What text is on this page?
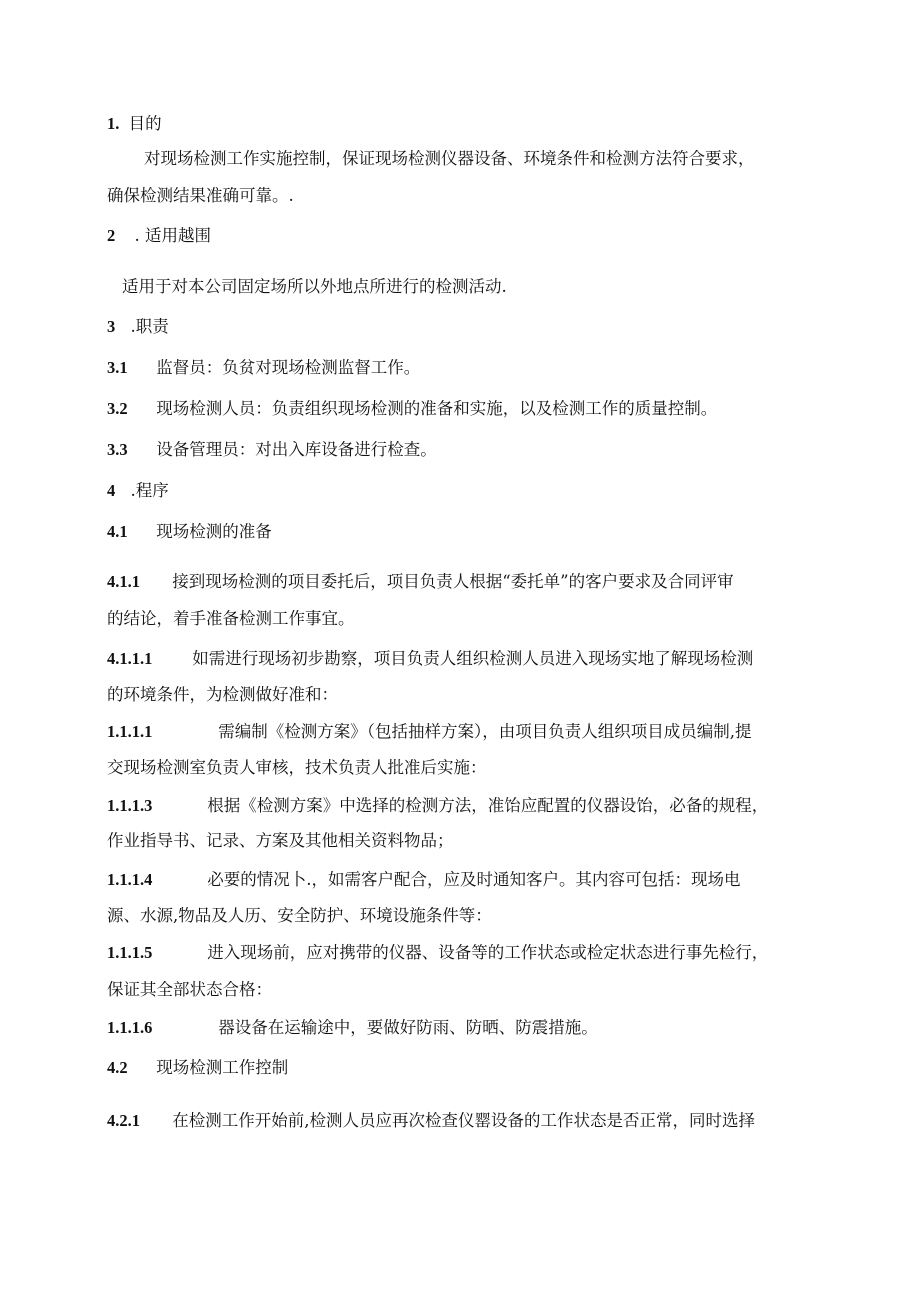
1. 目的
对现场检测工作实施控制，保证现场检测仪器设备、环境条件和检测方法符合要求，
确保检测结果准确可靠。.
2 . 适用越围
适用于对本公司固定场所以外地点所进行的检测活动.
3 .职责
3.1 监督员：负贫对现场检测监督工作。
3.2 现场检测人员：负责组织现场检测的准备和实施，以及检测工作的质量控制。
3.3 设备管理员：对出入库设备进行检查。
4 .程序
4.1 现场检测的准备
4.1.1 接到现场检测的项目委托后，项目负责人根据“委托单”的客户要求及合同评审
的结论，着手准备检测工作事宜。
4.1.1.1 如需进行现场初步勘察，项目负责人组织检测人员进入现场实地了解现场检测
的环境条件，为检测做好准和：
1.1.1.1	需编制《检测方案》（包括抽样方案），由项目负责人组织项目成员编制,提
交现场检测室负责人审核，技术负责人批准后实施：
1.1.1.3	根据《检测方案》中选择的检测方法，准饴应配置的仪器设饴，必备的规程，
作业指导书、记录、方案及其他相关资料物品；
1.1.1.4	必要的情况卜.，如需客户配合，应及时通知客户。其内容可包括：现场电
源、水源,物品及人历、安全防护、环境设施条件等：
1.1.1.5	进入现场前，应对携带的仪器、设备等的工作状态或检定状态进行事先检行，
保证其全部状态合格：
1.1.1.6	器设备在运输途中，要做好防雨、防晒、防震措施。
4.2 现场检测工作控制
4.2.1 在检测工作开始前,检测人员应再次检查仪罂设备的工作状态是否正常，同时选择
